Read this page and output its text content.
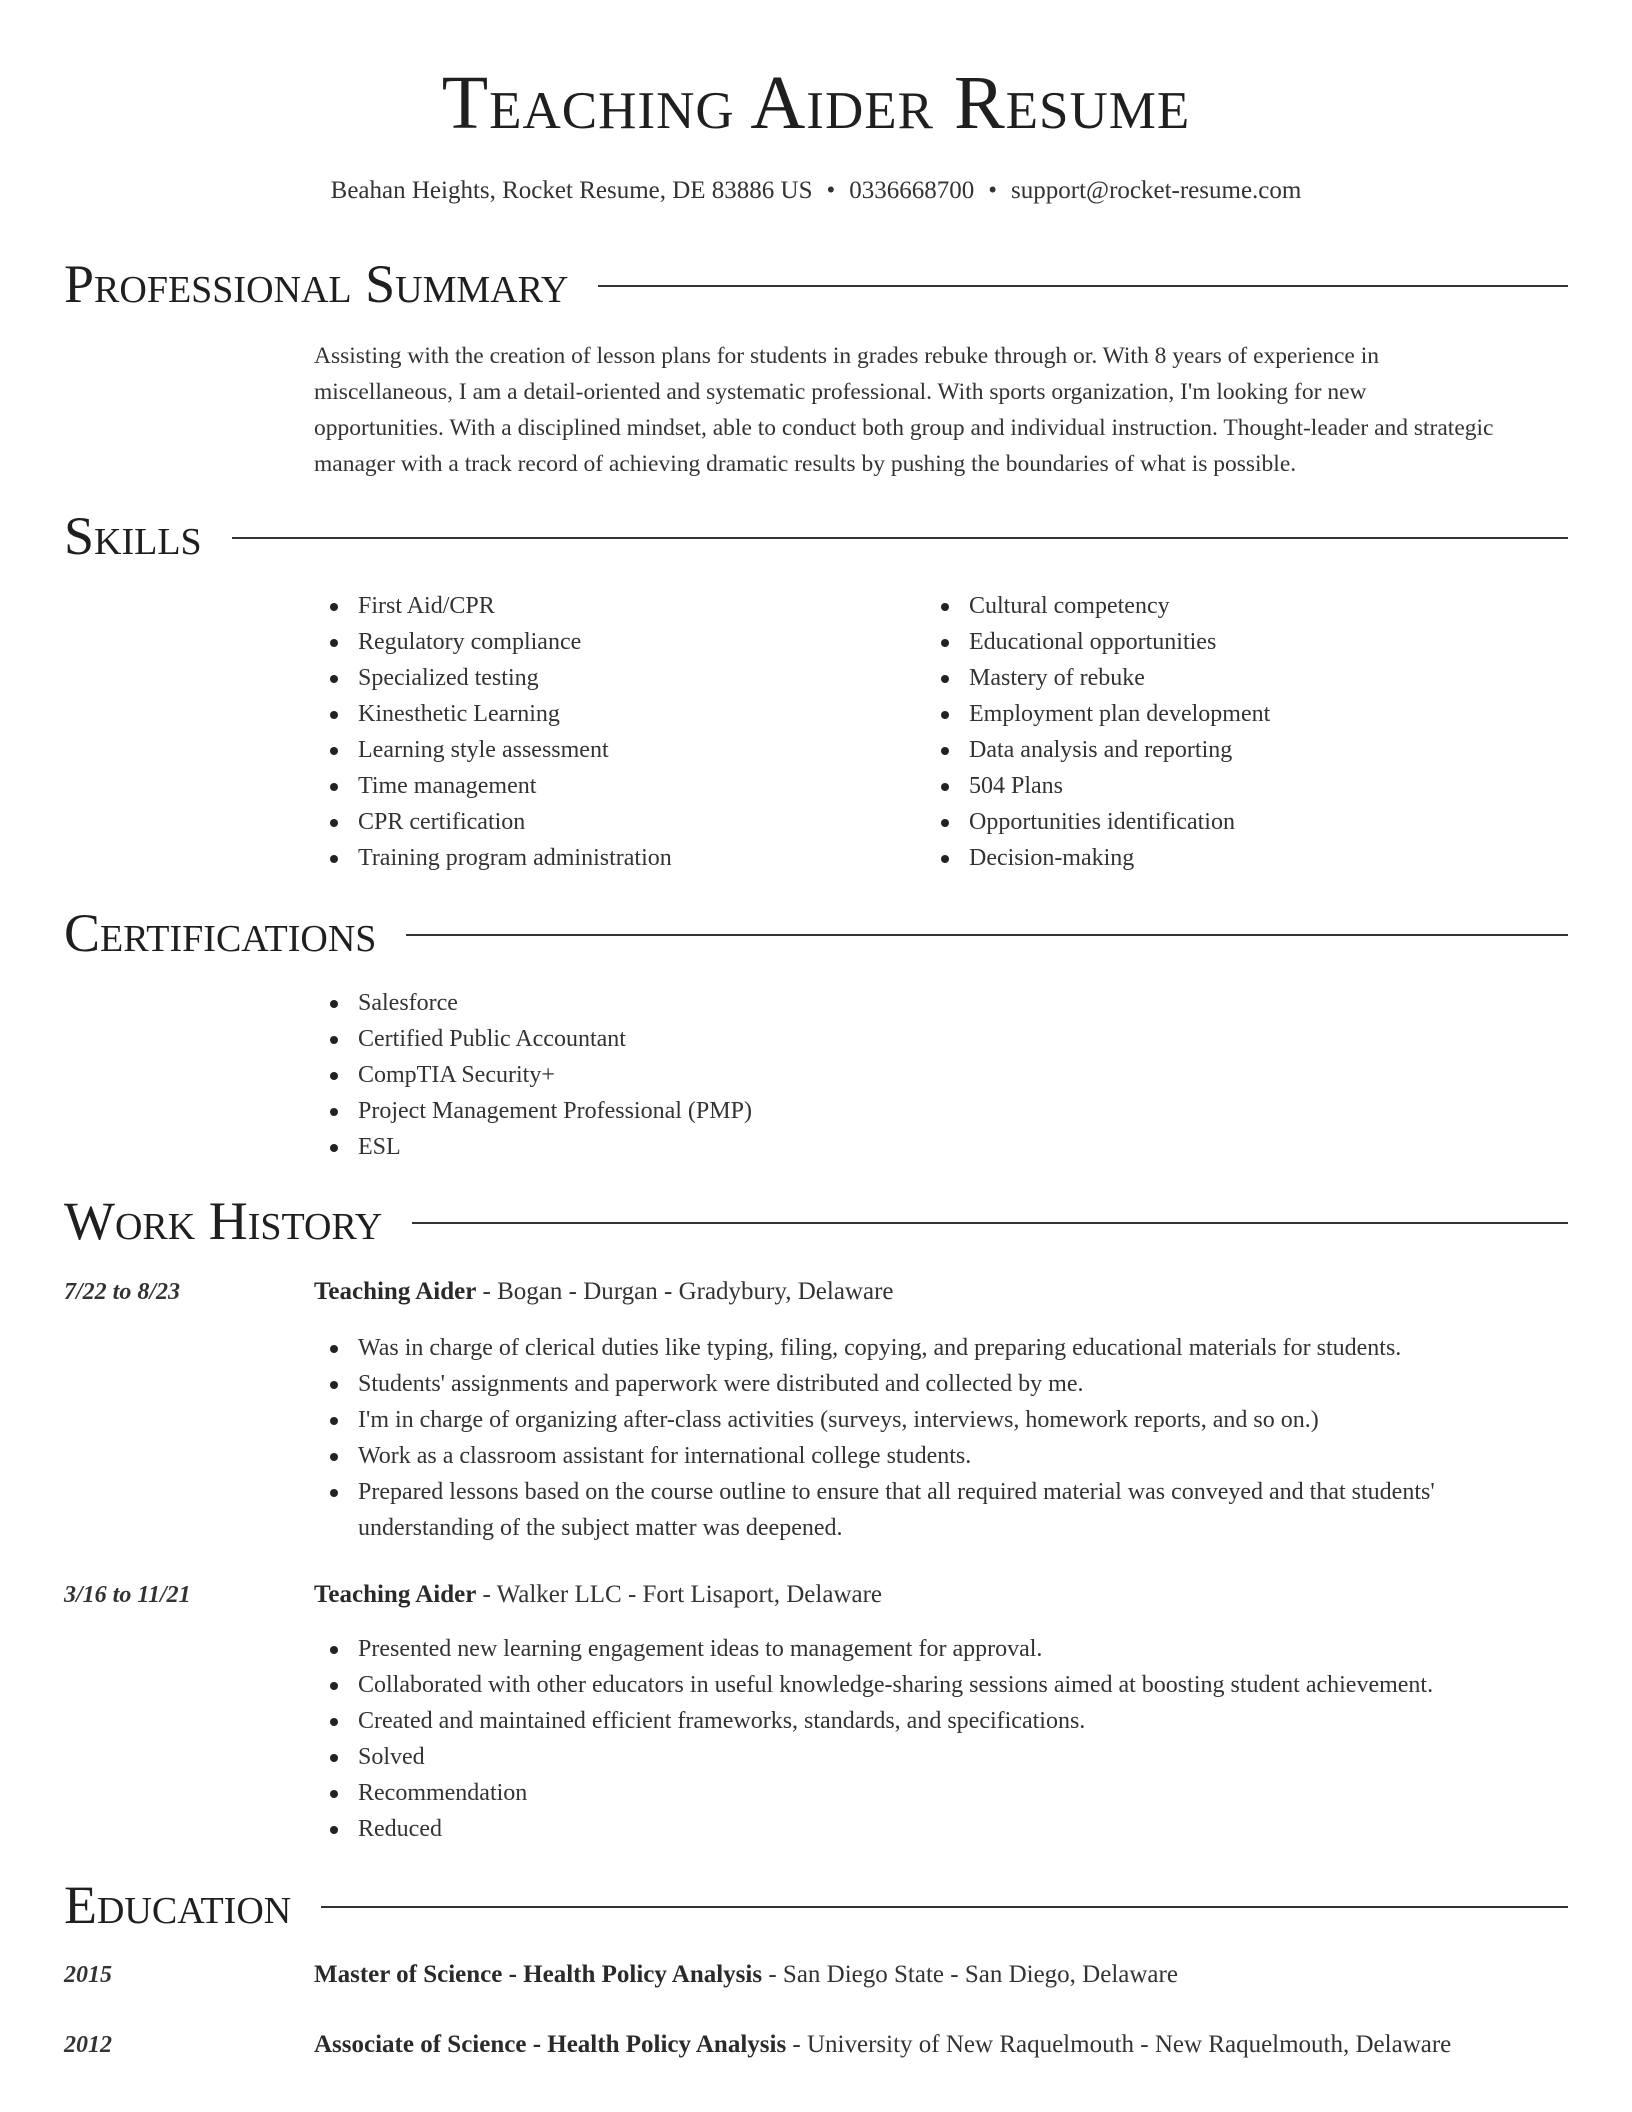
Teaching Aider Resume
Beahan Heights, Rocket Resume, DE 83886 US • 0336668700 • support@rocket-resume.com
Professional Summary
Assisting with the creation of lesson plans for students in grades rebuke through or. With 8 years of experience in miscellaneous, I am a detail-oriented and systematic professional. With sports organization, I'm looking for new opportunities. With a disciplined mindset, able to conduct both group and individual instruction. Thought-leader and strategic manager with a track record of achieving dramatic results by pushing the boundaries of what is possible.
Skills
First Aid/CPR
Regulatory compliance
Specialized testing
Kinesthetic Learning
Learning style assessment
Time management
CPR certification
Training program administration
Cultural competency
Educational opportunities
Mastery of rebuke
Employment plan development
Data analysis and reporting
504 Plans
Opportunities identification
Decision-making
Certifications
Salesforce
Certified Public Accountant
CompTIA Security+
Project Management Professional (PMP)
ESL
Work History
7/22 to 8/23	Teaching Aider - Bogan - Durgan - Gradybury, Delaware
Was in charge of clerical duties like typing, filing, copying, and preparing educational materials for students.
Students' assignments and paperwork were distributed and collected by me.
I'm in charge of organizing after-class activities (surveys, interviews, homework reports, and so on.)
Work as a classroom assistant for international college students.
Prepared lessons based on the course outline to ensure that all required material was conveyed and that students' understanding of the subject matter was deepened.
3/16 to 11/21	Teaching Aider - Walker LLC - Fort Lisaport, Delaware
Presented new learning engagement ideas to management for approval.
Collaborated with other educators in useful knowledge-sharing sessions aimed at boosting student achievement.
Created and maintained efficient frameworks, standards, and specifications.
Solved
Recommendation
Reduced
Education
2015	Master of Science - Health Policy Analysis - San Diego State - San Diego, Delaware
2012	Associate of Science - Health Policy Analysis - University of New Raquelmouth - New Raquelmouth, Delaware
